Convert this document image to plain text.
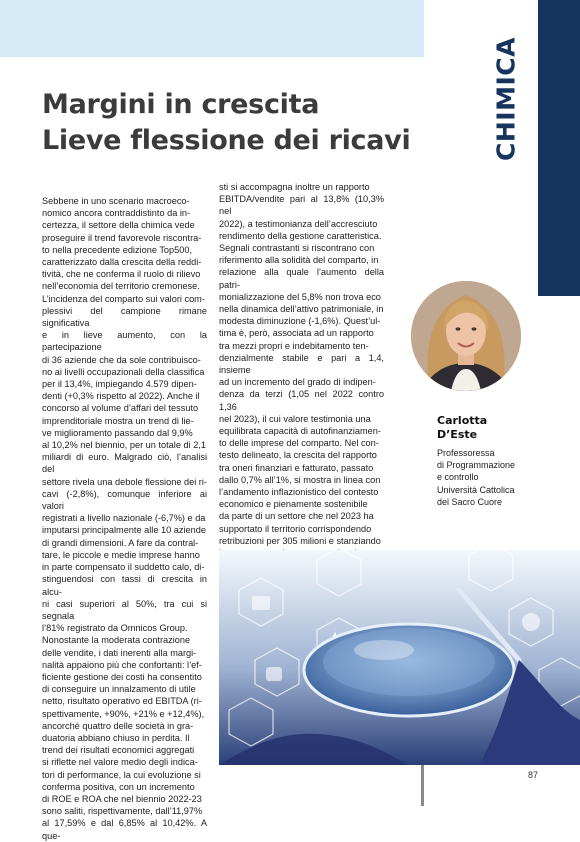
CHIMICA
Margini in crescita
Lieve flessione dei ricavi

Sebbene in uno scenario macroeco-

nomico ancora contraddistinto da in-

certezza, il settore della chimica vede

proseguire il trend favorevole riscontra-

to nella precedente edizione Top500,

caratterizzato dalla crescita della reddi-

tività, che ne conferma il ruolo di rilievo

nell’economia del territorio cremonese.

L’incidenza del comparto sui valori com-

plessivi del campione rimane significativa

e in lieve aumento, con la partecipazione

di 36 aziende che da sole contribuisco-

no ai livelli occupazionali della classifica

per il 13,4%, impiegando 4.579 dipen-

denti (+0,3% rispetto al 2022). Anche il

concorso al volume d’affari del tessuto

imprenditoriale mostra un trend di lie-

ve miglioramento passando dal 9,9%

al 10,2% nel biennio, per un totale di 2,1

miliardi di euro. Malgrado ciò, l’analisi del

settore rivela una debole flessione dei ri-

cavi (-2,8%), comunque inferiore ai valori

registrati a livello nazionale (-6,7%) e da

imputarsi principalmente alle 10 aziende

di grandi dimensioni. A fare da contral-

tare, le piccole e medie imprese hanno

in parte compensato il suddetto calo, di-

stinguendosi con tassi di crescita in alcu-

ni casi superiori al 50%, tra cui si segnala

l’81% registrato da Omnicos Group.

Nonostante la moderata contrazione

delle vendite, i dati inerenti alla margi-

nalità appaiono più che confortanti: l’ef-

ficiente gestione dei costi ha consentito

di conseguire un innalzamento di utile

netto, risultato operativo ed EBITDA (ri-

spettivamente, +90%, +21% e +12,4%),

ancorché quattro delle società in gra-

duatoria abbiano chiuso in perdita. Il

trend dei risultati economici aggregati

si riflette nel valore medio degli indica-

tori di performance, la cui evoluzione si

conferma positiva, con un incremento

di ROE e ROA che nel biennio 2022-23

sono saliti, rispettivamente, dall’11,97%

al 17,59% e dal 6,85% al 10,42%. A que-

sti si accompagna inoltre un rapporto

EBITDA/vendite pari al 13,8% (10,3% nel

2022), a testimonianza dell’accresciuto

rendimento della gestione caratteristica.

Segnali contrastanti si riscontrano con

riferimento alla solidità del comparto, in

relazione alla quale l’aumento della patri-

monializzazione del 5,8% non trova eco

nella dinamica dell’attivo patrimoniale, in

modesta diminuzione (-1,6%). Quest’ul-

tima è, però, associata ad un rapporto

tra mezzi propri e indebitamento ten-

denzialmente stabile e pari a 1,4, insieme

ad un incremento del grado di indipen-

denza da terzi (1,05 nel 2022 contro 1,36

nel 2023), il cui valore testimonia una

equilibrata capacità di autofinanziamen-

to delle imprese del comparto. Nel con-

testo delineato, la crescita del rapporto

tra oneri finanziari e fatturato, passato

dallo 0,7% all’1%, si mostra in linea con

l’andamento inflazionistico del contesto

economico e pienamente sostenibile

da parte di un settore che nel 2023 ha

supportato il territorio corrispondendo

retribuzioni per 305 milioni e stanziando

Carlotta
D’Este
Professoressa
di Programmazione
e controllo
Università Cattolica
del Sacro Cuore
87
